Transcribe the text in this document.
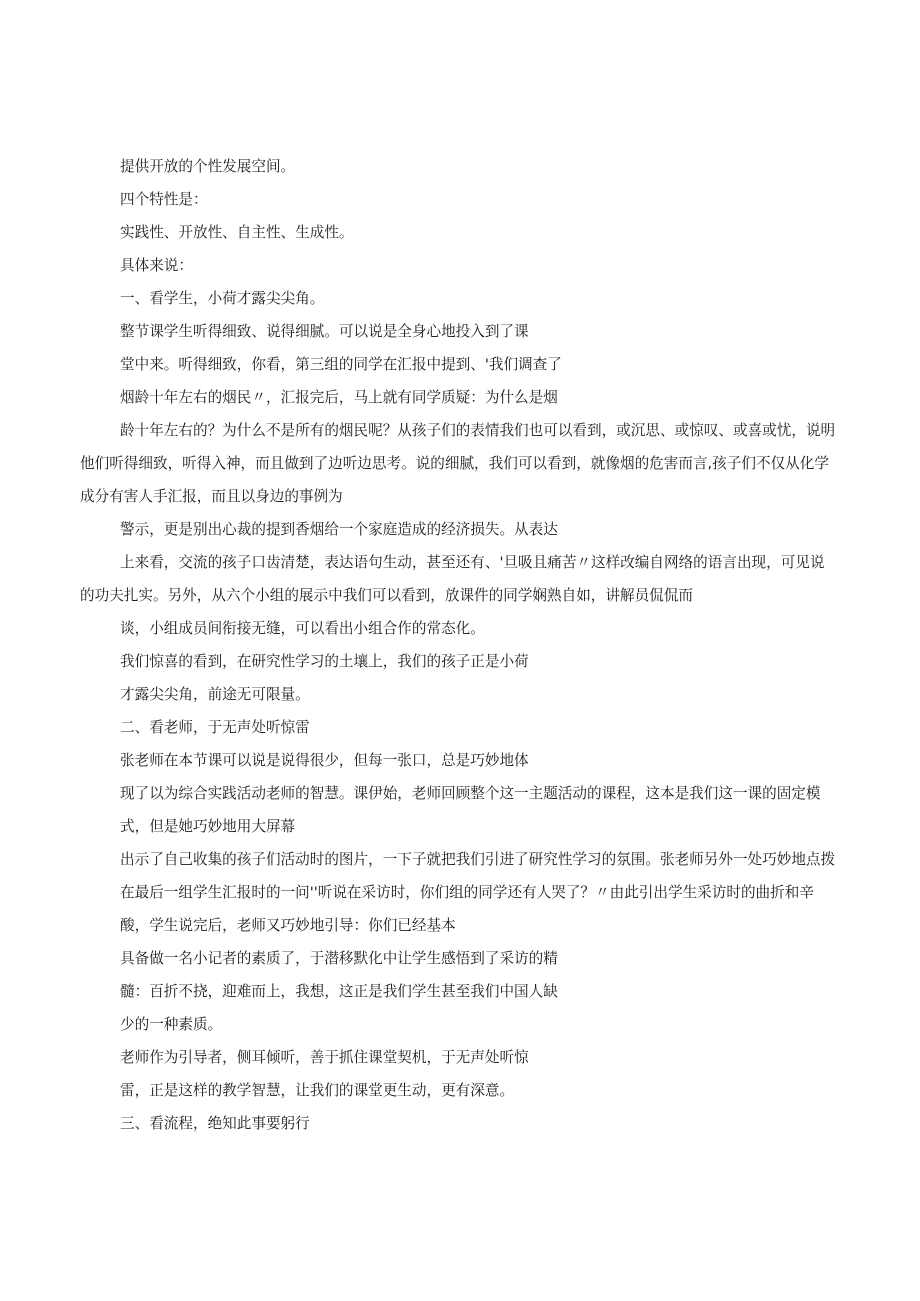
提供开放的个性发展空间。
四个特性是：
实践性、开放性、自主性、生成性。
具体来说：
一、看学生，小荷才露尖尖角。
整节课学生听得细致、说得细腻。可以说是全身心地投入到了课
堂中来。听得细致，你看，第三组的同学在汇报中提到、'我们调查了
烟龄十年左右的烟民〃，汇报完后，马上就有同学质疑：为什么是烟
龄十年左右的？为什么不是所有的烟民呢？从孩子们的表情我们也可以看到，或沉思、或惊叹、或喜或忧，说明
他们听得细致，听得入神，而且做到了边听边思考。说的细腻，我们可以看到，就像烟的危害而言,孩子们不仅从化学
成分有害人手汇报，而且以身边的事例为
警示，更是别出心裁的提到香烟给一个家庭造成的经济损失。从表达
上来看，交流的孩子口齿清楚，表达语句生动，甚至还有、'旦吸且痛苦〃这样改编自网络的语言出现，可见说
的功夫扎实。另外，从六个小组的展示中我们可以看到，放课件的同学娴熟自如，讲解员侃侃而
谈，小组成员间衔接无缝，可以看出小组合作的常态化。
我们惊喜的看到，在研究性学习的土壤上，我们的孩子正是小荷
才露尖尖角，前途无可限量。
二、看老师，于无声处听惊雷
张老师在本节课可以说是说得很少，但每一张口，总是巧妙地体
现了以为综合实践活动老师的智慧。课伊始，老师回顾整个这一主题活动的课程，这本是我们这一课的固定模
式，但是她巧妙地用大屏幕
出示了自己收集的孩子们活动时的图片，一下子就把我们引进了研究性学习的氛围。张老师另外一处巧妙地点拨
在最后一组学生汇报时的一问''听说在采访时，你们组的同学还有人哭了？〃由此引出学生采访时的曲折和辛
酸，学生说完后，老师又巧妙地引导：你们已经基本
具备做一名小记者的素质了，于潜移默化中让学生感悟到了采访的精
髓：百折不挠，迎难而上，我想，这正是我们学生甚至我们中国人缺
少的一种素质。
老师作为引导者，侧耳倾听，善于抓住课堂契机，于无声处听惊
雷，正是这样的教学智慧，让我们的课堂更生动，更有深意。
三、看流程，绝知此事要躬行
